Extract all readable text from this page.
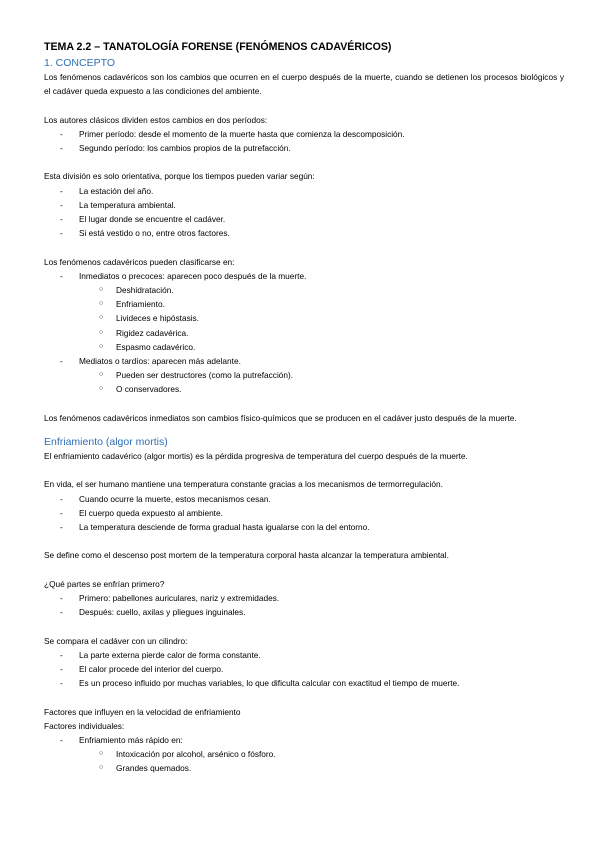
TEMA 2.2 – TANATOLOGÍA FORENSE (FENÓMENOS CADAVÉRICOS)
1. CONCEPTO

Los fenómenos cadavéricos son los cambios que ocurren en el cuerpo después de la muerte, cuando se detienen los procesos biológicos y el cadáver queda expuesto a las condiciones del ambiente.

Los autores clásicos dividen estos cambios en dos períodos:

- Primer período: desde el momento de la muerte hasta que comienza la descomposición.
- Segundo período: los cambios propios de la putrefacción.

Esta división es solo orientativa, porque los tiempos pueden variar según:

- La estación del año.
- La temperatura ambiental.
- El lugar donde se encuentre el cadáver.
- Si está vestido o no, entre otros factores.

Los fenómenos cadavéricos pueden clasificarse en:

- Inmediatos o precoces: aparecen poco después de la muerte.
○ Deshidratación.
○ Enfriamiento.
○ Livideces e hipóstasis.
○ Rigidez cadavérica.
○ Espasmo cadavérico.
- Mediatos o tardíos: aparecen más adelante.
○ Pueden ser destructores (como la putrefacción).
○ O conservadores.

Los fenómenos cadavéricos inmediatos son cambios físico-químicos que se producen en el cadáver justo después de la muerte.

Enfriamiento (algor mortis)

El enfriamiento cadavérico (algor mortis) es la pérdida progresiva de temperatura del cuerpo después de la muerte.

En vida, el ser humano mantiene una temperatura constante gracias a los mecanismos de termorregulación.

- Cuando ocurre la muerte, estos mecanismos cesan.
- El cuerpo queda expuesto al ambiente.
- La temperatura desciende de forma gradual hasta igualarse con la del entorno.

Se define como el descenso post mortem de la temperatura corporal hasta alcanzar la temperatura ambiental.

¿Qué partes se enfrían primero?

- Primero: pabellones auriculares, nariz y extremidades.
- Después: cuello, axilas y pliegues inguinales.

Se compara el cadáver con un cilindro:

- La parte externa pierde calor de forma constante.
- El calor procede del interior del cuerpo.
- Es un proceso influido por muchas variables, lo que dificulta calcular con exactitud el tiempo de muerte.

Factores que influyen en la velocidad de enfriamiento

Factores individuales:

- Enfriamiento más rápido en:
○ Intoxicación por alcohol, arsénico o fósforo.
○ Grandes quemados.
